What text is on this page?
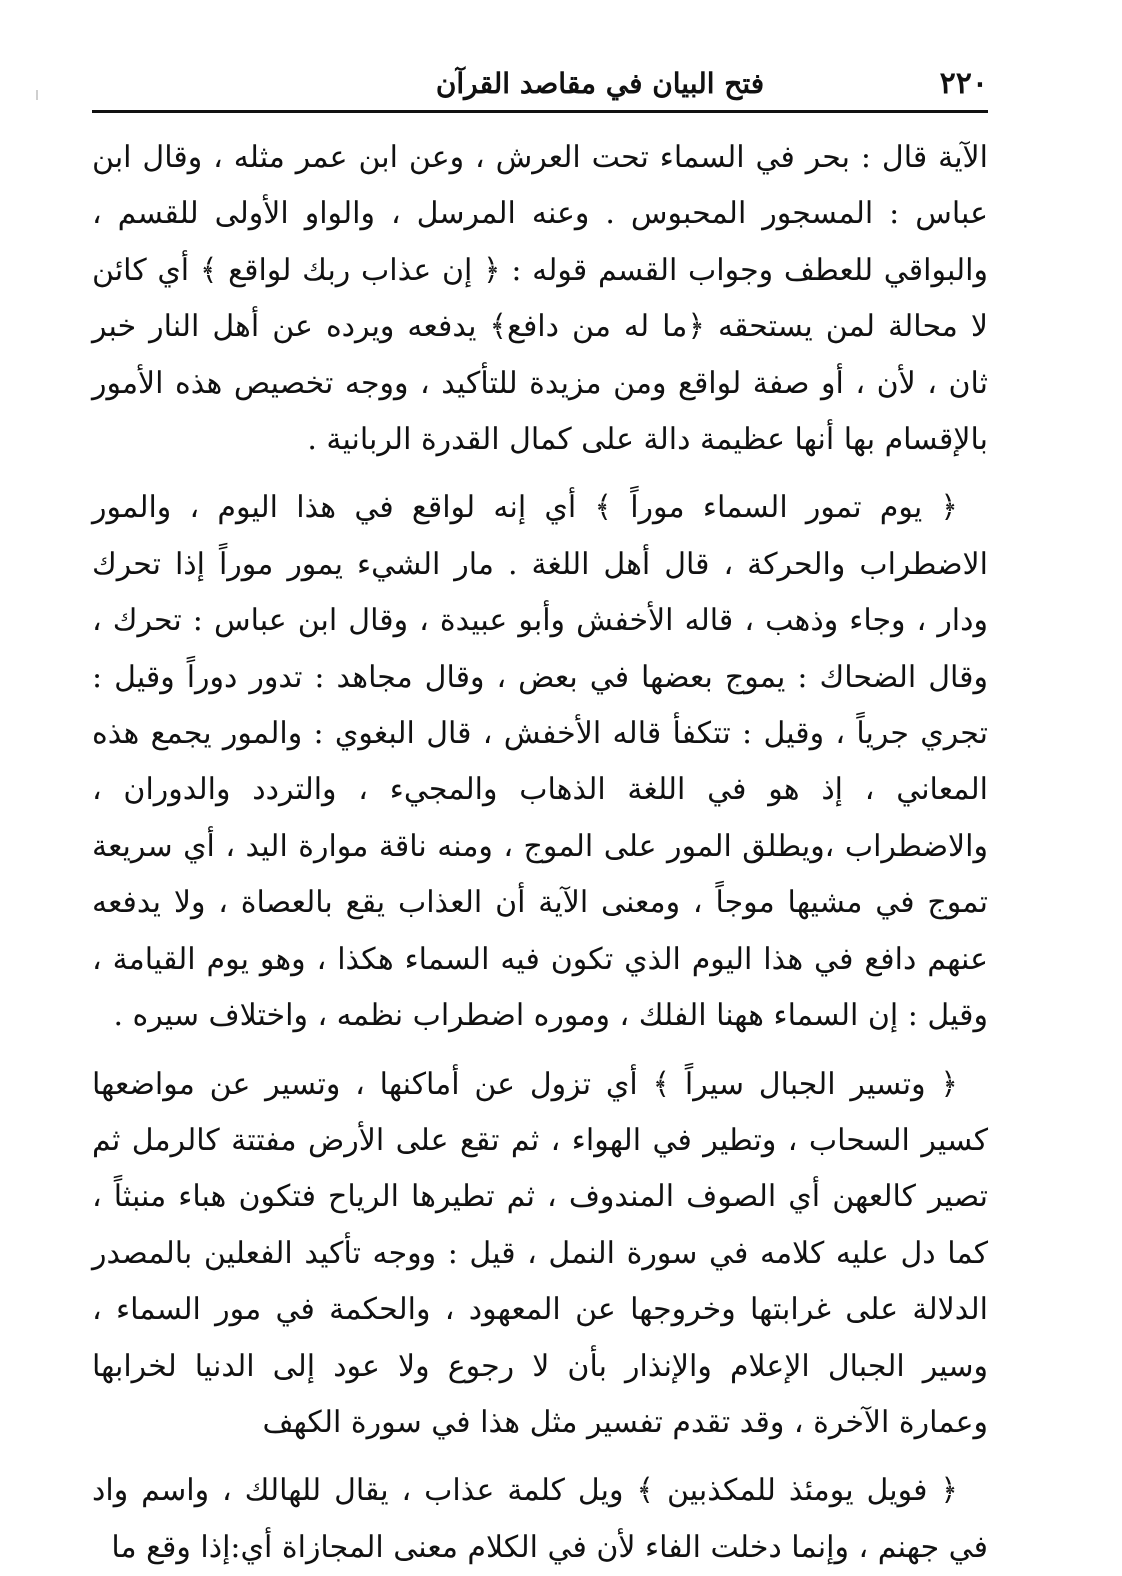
٢٢٠
فتح البيان في مقاصد القرآن

الآية قال : بحر في السماء تحت العرش ، وعن ابن عمر مثله ، وقال ابن عباس : المسجور المحبوس . وعنه المرسل ، والواو الأولى للقسم ، والبواقي للعطف وجواب القسم قوله : ﴿ إن عذاب ربك لواقع ﴾ أي كائن لا محالة لمن يستحقه ﴿ما له من دافع﴾ يدفعه ويرده عن أهل النار خبر ثان ، لأن ، أو صفة لواقع ومن مزيدة للتأكيد ، ووجه تخصيص هذه الأمور بالإقسام بها أنها عظيمة دالة على كمال القدرة الربانية .

﴿ يوم تمور السماء موراً ﴾ أي إنه لواقع في هذا اليوم ، والمور الاضطراب والحركة ، قال أهل اللغة . مار الشيء يمور موراً إذا تحرك ودار ، وجاء وذهب ، قاله الأخفش وأبو عبيدة ، وقال ابن عباس : تحرك ، وقال الضحاك : يموج بعضها في بعض ، وقال مجاهد : تدور دوراً وقيل : تجري جرياً ، وقيل : تتكفأ قاله الأخفش ، قال البغوي : والمور يجمع هذه المعاني ، إذ هو في اللغة الذهاب والمجيء ، والتردد والدوران ، والاضطراب ،ويطلق المور على الموج ، ومنه ناقة موارة اليد ، أي سريعة تموج في مشيها موجاً ، ومعنى الآية أن العذاب يقع بالعصاة ، ولا يدفعه عنهم دافع في هذا اليوم الذي تكون فيه السماء هكذا ، وهو يوم القيامة ، وقيل : إن السماء ههنا الفلك ، وموره اضطراب نظمه ، واختلاف سيره .

﴿ وتسير الجبال سيراً ﴾ أي تزول عن أماكنها ، وتسير عن مواضعها كسير السحاب ، وتطير في الهواء ، ثم تقع على الأرض مفتتة كالرمل ثم تصير كالعهن أي الصوف المندوف ، ثم تطيرها الرياح فتكون هباء منبثاً ، كما دل عليه كلامه في سورة النمل ، قيل : ووجه تأكيد الفعلين بالمصدر الدلالة على غرابتها وخروجها عن المعهود ، والحكمة في مور السماء ، وسير الجبال الإعلام والإنذار بأن لا رجوع ولا عود إلى الدنيا لخرابها وعمارة الآخرة ، وقد تقدم تفسير مثل هذا في سورة الكهف

﴿ فويل يومئذ للمكذبين ﴾ ويل كلمة عذاب ، يقال للهالك ، واسم واد في جهنم ، وإنما دخلت الفاء لأن في الكلام معنى المجازاة أي:إذا وقع ما
